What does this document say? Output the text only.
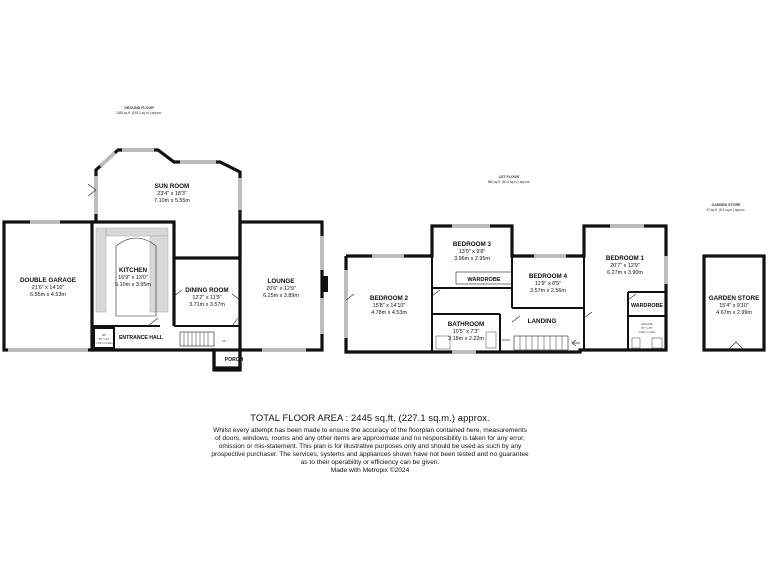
GROUND FLOOR
1488 sq.ft. (138.2 sq.m.) approx.
1ST FLOOR
866 sq.ft. (80.4 sq.m.) approx.
GARDEN STORE
91 sq.ft. (8.5 sq.m.) approx.
UP
SUN ROOM
23'4" x 18'3"
7.10m x 5.55m
KITCHEN
16'9" x 13'0"
5.10m x 3.95m
DOUBLE GARAGE
21'6" x 14'10"
6.55m x 4.53m
DINING ROOM
12'2" x 11'9"
3.71m x 3.57m
LOUNGE
20'6" x 12'9"
6.25m x 3.89m
ENTRANCE HALL
PORCH
WC
5'8" x 3'1"
1.73m x 0.94m
DOWN
BEDROOM 3
13'0" x 9'8"
3.96m x 2.95m
WARDROBE
BEDROOM 2
15'8" x 14'10"
4.78m x 4.53m
BEDROOM 4
11'9" x 8'5"
3.57m x 2.56m
BATHROOM
10'5" x 7'3"
3.18m x 2.22m
LANDING
BEDROOM 1
20'7" x 12'9"
6.27m x 3.90m
WARDROBE
ENSUITE
8'7" x 3'5"
2.60m x 1.04m
GARDEN STORE
15'4" x 9'10"
4.67m x 2.99m

TOTAL FLOOR AREA : 2445 sq.ft. (227.1 sq.m.) approx.

Whilst every attempt has been made to ensure the accuracy of the floorplan contained here, measurements
of doors, windows, rooms and any other items are approximate and no responsibility is taken for any error,
omission or mis-statement. This plan is for illustrative purposes only and should be used as such by any
prospective purchaser. The services, systems and appliances shown have not been tested and no guarantee
as to their operability or efficiency can be given.

Made with Metropix ©2024
